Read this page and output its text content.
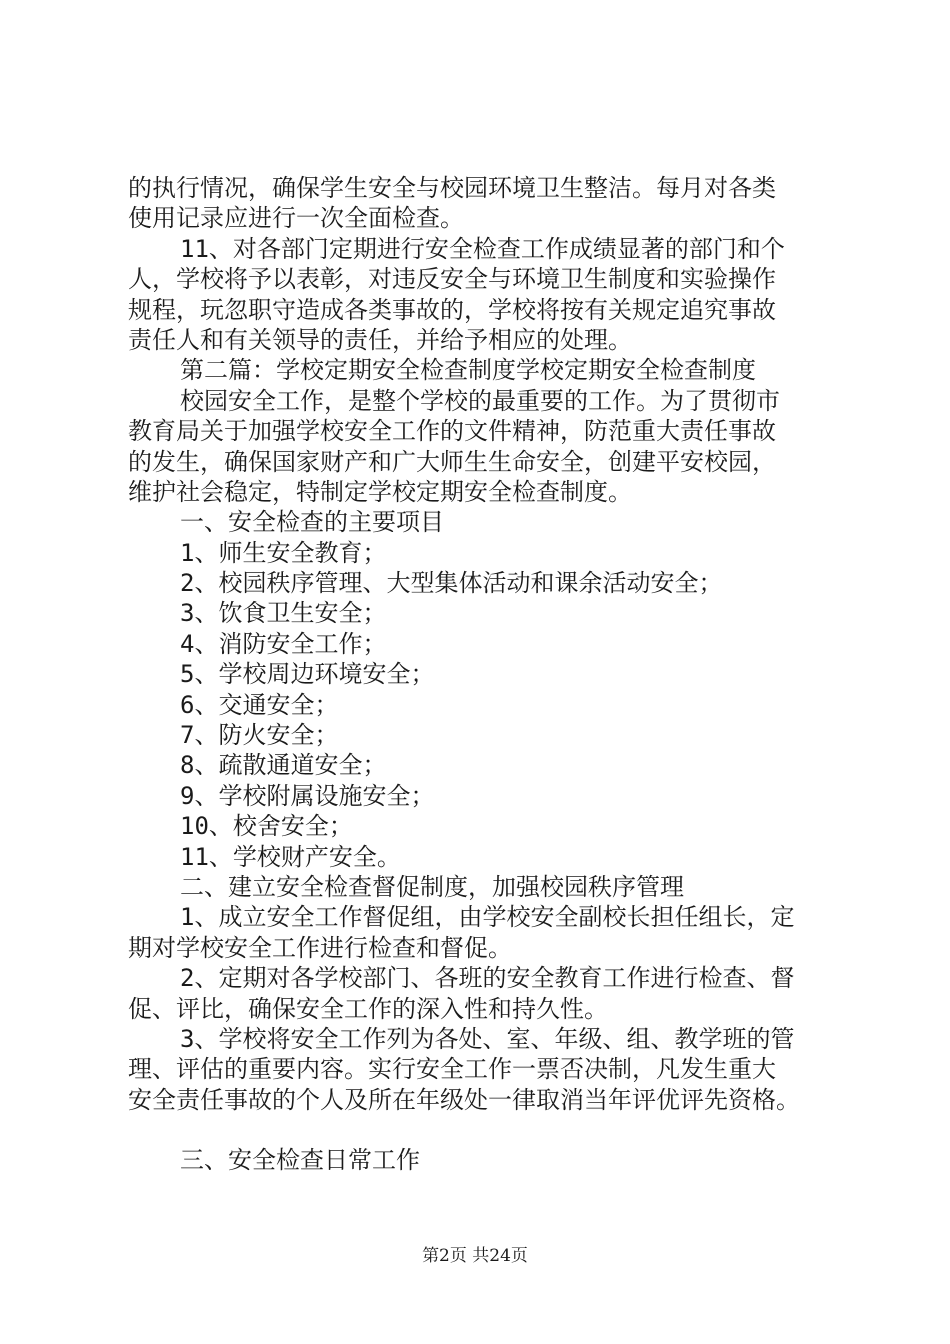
的执行情况，确保学生安全与校园环境卫生整洁。每月对各类
使用记录应进行一次全面检查。
11、对各部门定期进行安全检查工作成绩显著的部门和个
人，学校将予以表彰，对违反安全与环境卫生制度和实验操作
规程，玩忽职守造成各类事故的，学校将按有关规定追究事故
责任人和有关领导的责任，并给予相应的处理。
第二篇：学校定期安全检查制度学校定期安全检查制度
校园安全工作，是整个学校的最重要的工作。为了贯彻市
教育局关于加强学校安全工作的文件精神，防范重大责任事故
的发生，确保国家财产和广大师生生命安全，创建平安校园，
维护社会稳定，特制定学校定期安全检查制度。
一、安全检查的主要项目
1、师生安全教育；
2、校园秩序管理、大型集体活动和课余活动安全；
3、饮食卫生安全；
4、消防安全工作；
5、学校周边环境安全；
6、交通安全；
7、防火安全；
8、疏散通道安全；
9、学校附属设施安全；
10、校舍安全；
11、学校财产安全。
二、建立安全检查督促制度，加强校园秩序管理
1、成立安全工作督促组，由学校安全副校长担任组长，定
期对学校安全工作进行检查和督促。
2、定期对各学校部门、各班的安全教育工作进行检查、督
促、评比，确保安全工作的深入性和持久性。
3、学校将安全工作列为各处、室、年级、组、教学班的管
理、评估的重要内容。实行安全工作一票否决制，凡发生重大
安全责任事故的个人及所在年级处一律取消当年评优评先资格。
三、安全检查日常工作
第2页 共24页
